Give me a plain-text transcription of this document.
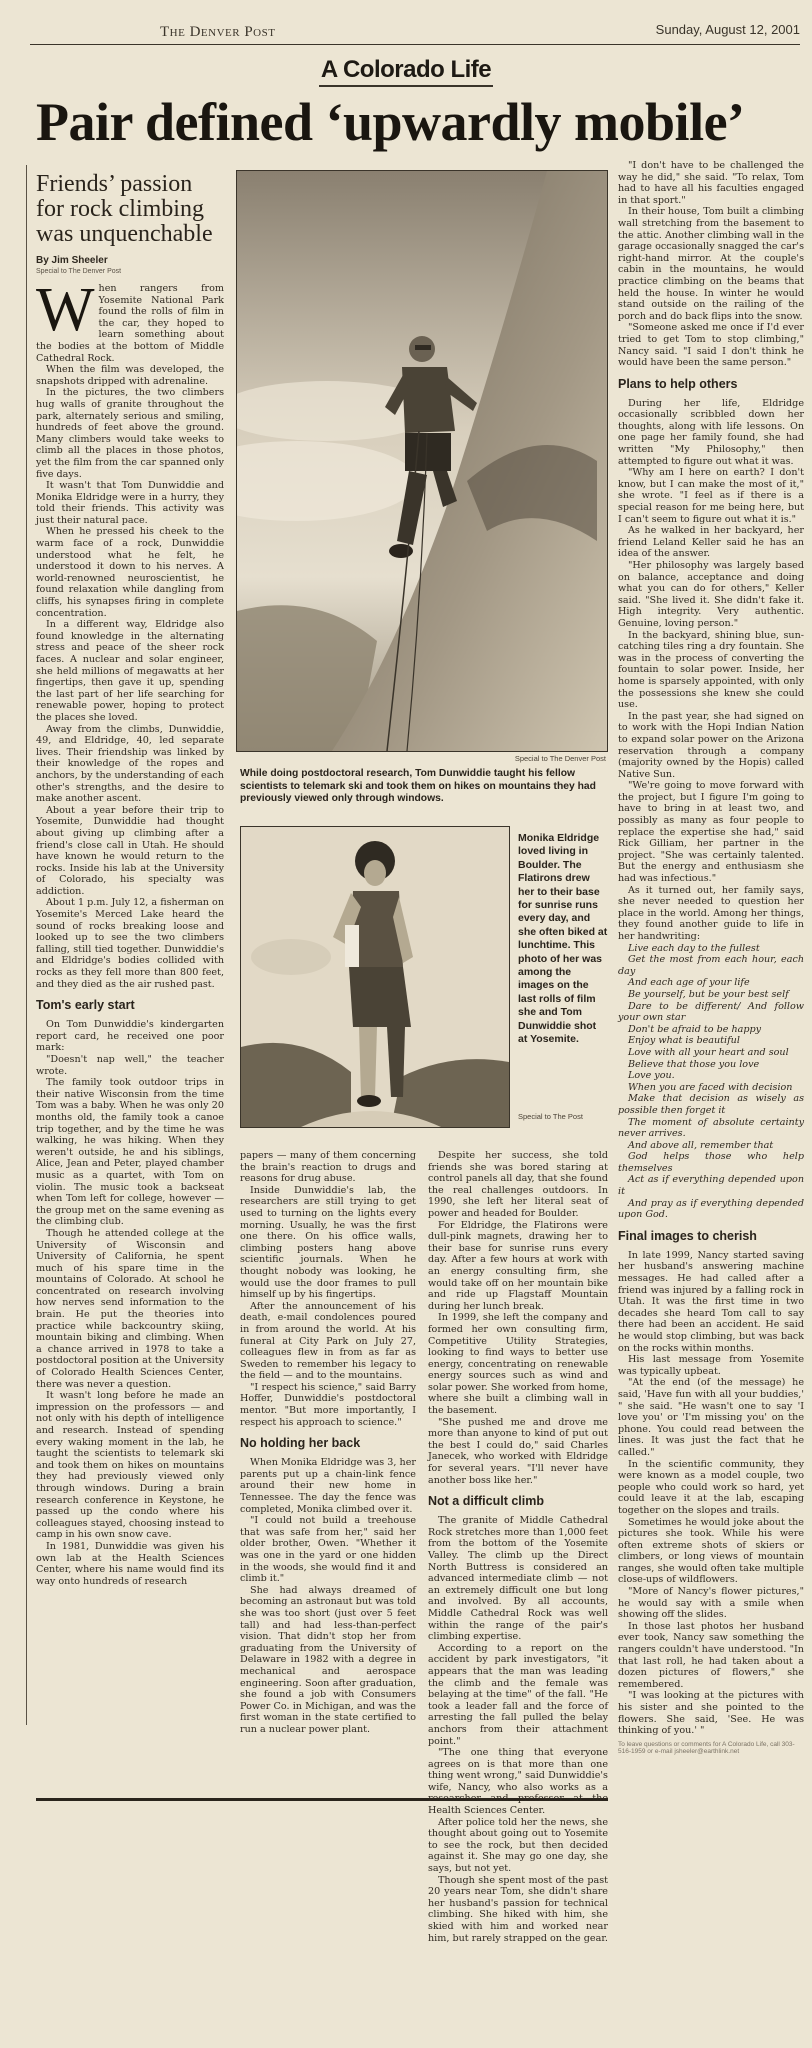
The Denver Post	Sunday, August 12, 2001
A Colorado Life
Pair defined ‘upwardly mobile’
Friends’ passion for rock climbing was unquenchable
By Jim Sheeler
Special to The Denver Post

When rangers from Yosemite National Park found the rolls of film in the car, they hoped to learn something about the bodies at the bottom of Middle Cathedral Rock.

When the film was developed, the snapshots dripped with adrenaline.

In the pictures, the two climbers hug walls of granite throughout the park, alternately serious and smiling, hundreds of feet above the ground. Many climbers would take weeks to climb all the places in those photos, yet the film from the car spanned only five days.

It wasn't that Tom Dunwiddie and Monika Eldridge were in a hurry, they told their friends. This activity was just their natural pace.

When he pressed his cheek to the warm face of a rock, Dunwiddie understood what he felt, he understood it down to his nerves. A world-renowned neuroscientist, he found relaxation while dangling from cliffs, his synapses firing in complete concentration.

In a different way, Eldridge also found knowledge in the alternating stress and peace of the sheer rock faces. A nuclear and solar engineer, she held millions of megawatts at her fingertips, then gave it up, spending the last part of her life searching for renewable power, hoping to protect the places she loved.

Away from the climbs, Dunwiddie, 49, and Eldridge, 40, led separate lives. Their friendship was linked by their knowledge of the ropes and anchors, by the understanding of each other's strengths, and the desire to make another ascent.

About a year before their trip to Yosemite, Dunwiddie had thought about giving up climbing after a friend's close call in Utah. He should have known he would return to the rocks. Inside his lab at the University of Colorado, his specialty was addiction.

About 1 p.m. July 12, a fisherman on Yosemite's Merced Lake heard the sound of rocks breaking loose and looked up to see the two climbers falling, still tied together. Dunwiddie's and Eldridge's bodies collided with rocks as they fell more than 800 feet, and they died as the air rushed past.

Tom's early start

On Tom Dunwiddie's kindergarten report card, he received one poor mark:

"Doesn't nap well," the teacher wrote.

The family took outdoor trips in their native Wisconsin from the time Tom was a baby. When he was only 20 months old, the family took a canoe trip together, and by the time he was walking, he was hiking. When they weren't outside, he and his siblings, Alice, Jean and Peter, played chamber music as a quartet, with Tom on violin. The music took a backseat when Tom left for college, however — the group met on the same evening as the climbing club.

Though he attended college at the University of Wisconsin and University of California, he spent much of his spare time in the mountains of Colorado. At school he concentrated on research involving how nerves send information to the brain. He put the theories into practice while backcountry skiing, mountain biking and climbing. When a chance arrived in 1978 to take a postdoctoral position at the University of Colorado Health Sciences Center, there was never a question.

It wasn't long before he made an impression on the professors — and not only with his depth of intelligence and research. Instead of spending every waking moment in the lab, he taught the scientists to telemark ski and took them on hikes on mountains they had previously viewed only through windows. During a brain research conference in Keystone, he passed up the condo where his colleagues stayed, choosing instead to camp in his own snow cave.

In 1981, Dunwiddie was given his own lab at the Health Sciences Center, where his name would find its way onto hundreds of research

Special to The Denver Post
While doing postdoctoral research, Tom Dunwiddie taught his fellow scientists to telemark ski and took them on hikes on mountains they had previously viewed only through windows.
Monika Eldridge loved living in Boulder. The Flatirons drew her to their base for sunrise runs every day, and she often biked at lunchtime. This photo of her was among the images on the last rolls of film she and Tom Dunwiddie shot at Yosemite.
Special to The Post

papers — many of them concerning the brain's reaction to drugs and reasons for drug abuse.

Inside Dunwiddie's lab, the researchers are still trying to get used to turning on the lights every morning. Usually, he was the first one there. On his office walls, climbing posters hang above scientific journals. When he thought nobody was looking, he would use the door frames to pull himself up by his fingertips.

After the announcement of his death, e-mail condolences poured in from around the world. At his funeral at City Park on July 27, colleagues flew in from as far as Sweden to remember his legacy to the field — and to the mountains.

"I respect his science," said Barry Hoffer, Dunwiddie's postdoctoral mentor. "But more importantly, I respect his approach to science."

No holding her back

When Monika Eldridge was 3, her parents put up a chain-link fence around their new home in Tennessee. The day the fence was completed, Monika climbed over it.

"I could not build a treehouse that was safe from her," said her older brother, Owen. "Whether it was one in the yard or one hidden in the woods, she would find it and climb it."

She had always dreamed of becoming an astronaut but was told she was too short (just over 5 feet tall) and had less-than-perfect vision. That didn't stop her from graduating from the University of Delaware in 1982 with a degree in mechanical and aerospace engineering. Soon after graduation, she found a job with Consumers Power Co. in Michigan, and was the first woman in the state certified to run a nuclear power plant.

Despite her success, she told friends she was bored staring at control panels all day, that she found the real challenges outdoors. In 1990, she left her literal seat of power and headed for Boulder.

For Eldridge, the Flatirons were dull-pink magnets, drawing her to their base for sunrise runs every day. After a few hours at work with an energy consulting firm, she would take off on her mountain bike and ride up Flagstaff Mountain during her lunch break.

In 1999, she left the company and formed her own consulting firm, Competitive Utility Strategies, looking to find ways to better use energy, concentrating on renewable energy sources such as wind and solar power. She worked from home, where she built a climbing wall in the basement.

"She pushed me and drove me more than anyone to kind of put out the best I could do," said Charles Janecek, who worked with Eldridge for several years. "I'll never have another boss like her."

Not a difficult climb

The granite of Middle Cathedral Rock stretches more than 1,000 feet from the bottom of the Yosemite Valley. The climb up the Direct North Buttress is considered an advanced intermediate climb — not an extremely difficult one but long and involved. By all accounts, Middle Cathedral Rock was well within the range of the pair's climbing expertise.

According to a report on the accident by park investigators, "it appears that the man was leading the climb and the female was belaying at the time" of the fall. "He took a leader fall and the force of arresting the fall pulled the belay anchors from their attachment point."

"The one thing that everyone agrees on is that more than one thing went wrong," said Dunwiddie's wife, Nancy, who also works as a researcher and professor at the Health Sciences Center.

After police told her the news, she thought about going out to Yosemite to see the rock, but then decided against it. She may go one day, she says, but not yet.

Though she spent most of the past 20 years near Tom, she didn't share her husband's passion for technical climbing. She hiked with him, she skied with him and worked near him, but rarely strapped on the gear.

"I don't have to be challenged the way he did," she said. "To relax, Tom had to have all his faculties engaged in that sport."

In their house, Tom built a climbing wall stretching from the basement to the attic. Another climbing wall in the garage occasionally snagged the car's right-hand mirror. At the couple's cabin in the mountains, he would practice climbing on the beams that held the house. In winter he would stand outside on the railing of the porch and do back flips into the snow.

"Someone asked me once if I'd ever tried to get Tom to stop climbing," Nancy said. "I said I don't think he would have been the same person."

Plans to help others

During her life, Eldridge occasionally scribbled down her thoughts, along with life lessons. On one page her family found, she had written "My Philosophy," then attempted to figure out what it was.

"Why am I here on earth? I don't know, but I can make the most of it," she wrote. "I feel as if there is a special reason for me being here, but I can't seem to figure out what it is."

As he walked in her backyard, her friend Leland Keller said he has an idea of the answer.

"Her philosophy was largely based on balance, acceptance and doing what you can do for others," Keller said. "She lived it. She didn't fake it. High integrity. Very authentic. Genuine, loving person."

In the backyard, shining blue, sun-catching tiles ring a dry fountain. She was in the process of converting the fountain to solar power. Inside, her home is sparsely appointed, with only the possessions she knew she could use.

In the past year, she had signed on to work with the Hopi Indian Nation to expand solar power on the Arizona reservation through a company (majority owned by the Hopis) called Native Sun.

"We're going to move forward with the project, but I figure I'm going to have to bring in at least two, and possibly as many as four people to replace the expertise she had," said Rick Gilliam, her partner in the project. "She was certainly talented. But the energy and enthusiasm she had was infectious."

As it turned out, her family says, she never needed to question her place in the world. Among her things, they found another guide to life in her handwriting:

Live each day to the fullest

Get the most from each hour, each day

And each age of your life

Be yourself, but be your best self

Dare to be different/ And follow your own star

Don't be afraid to be happy

Enjoy what is beautiful

Love with all your heart and soul

Believe that those you love

Love you.

When you are faced with decision

Make that decision as wisely as possible then forget it

The moment of absolute certainty never arrives.

And above all, remember that

God helps those who help themselves

Act as if everything depended upon it

And pray as if everything depended upon God.

Final images to cherish

In late 1999, Nancy started saving her husband's answering machine messages. He had called after a friend was injured by a falling rock in Utah. It was the first time in two decades she heard Tom call to say there had been an accident. He said he would stop climbing, but was back on the rocks within months.

His last message from Yosemite was typically upbeat.

"At the end (of the message) he said, 'Have fun with all your buddies,' " she said. "He wasn't one to say 'I love you' or 'I'm missing you' on the phone. You could read between the lines. It was just the fact that he called."

In the scientific community, they were known as a model couple, two people who could work so hard, yet could leave it at the lab, escaping together on the slopes and trails.

Sometimes he would joke about the pictures she took. While his were often extreme shots of skiers or climbers, or long views of mountain ranges, she would often take multiple close-ups of wildflowers.

"More of Nancy's flower pictures," he would say with a smile when showing off the slides.

In those last photos her husband ever took, Nancy saw something the rangers couldn't have understood. "In that last roll, he had taken about a dozen pictures of flowers," she remembered.

"I was looking at the pictures with his sister and she pointed to the flowers. She said, 'See. He was thinking of you.' "

To leave questions or comments for A Colorado Life, call 303-516-1959 or e-mail jsheeler@earthlink.net
